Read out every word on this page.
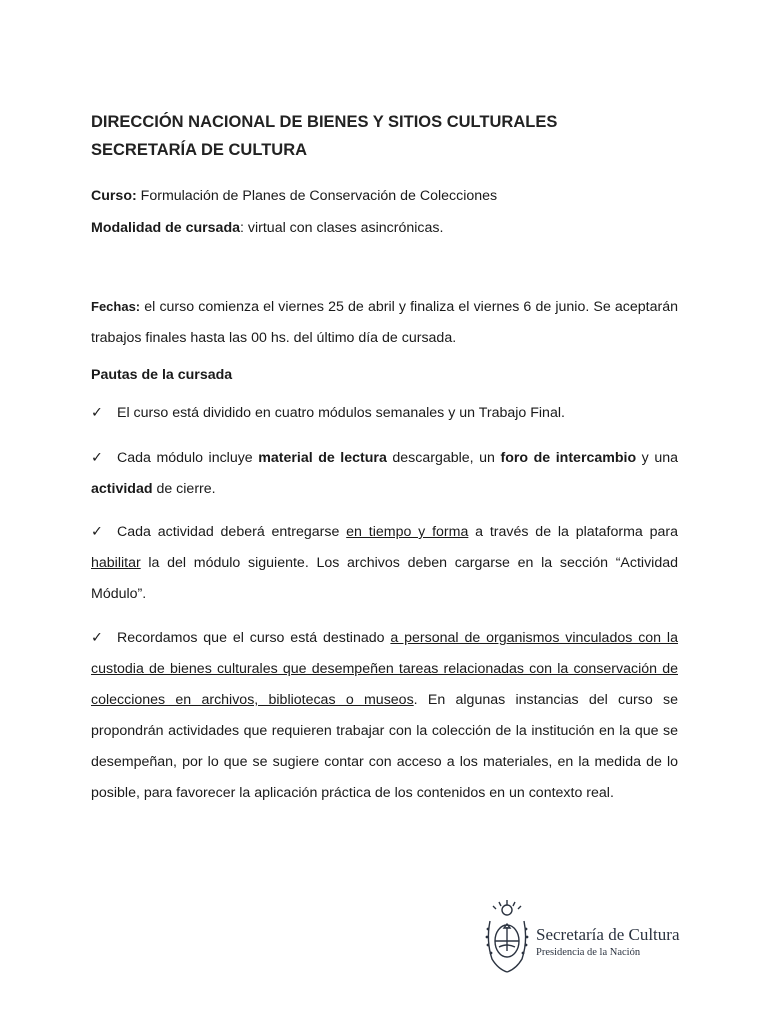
DIRECCIÓN NACIONAL DE BIENES Y SITIOS CULTURALES
SECRETARÍA DE CULTURA
Curso: Formulación de Planes de Conservación de Colecciones
Modalidad de cursada: virtual con clases asincrónicas.
Fechas: el curso comienza el viernes 25 de abril y finaliza el viernes 6 de junio. Se aceptarán trabajos finales hasta las 00 hs. del último día de cursada.
Pautas de la cursada
✓ El curso está dividido en cuatro módulos semanales y un Trabajo Final.
✓ Cada módulo incluye material de lectura descargable, un foro de intercambio y una actividad de cierre.
✓ Cada actividad deberá entregarse en tiempo y forma a través de la plataforma para habilitar la del módulo siguiente. Los archivos deben cargarse en la sección “Actividad Módulo”.
✓ Recordamos que el curso está destinado a personal de organismos vinculados con la custodia de bienes culturales que desempeñen tareas relacionadas con la conservación de colecciones en archivos, bibliotecas o museos. En algunas instancias del curso se propondrán actividades que requieren trabajar con la colección de la institución en la que se desempeñan, por lo que se sugiere contar con acceso a los materiales, en la medida de lo posible, para favorecer la aplicación práctica de los contenidos en un contexto real.
Secretaría de Cultura
Presidencia de la Nación
